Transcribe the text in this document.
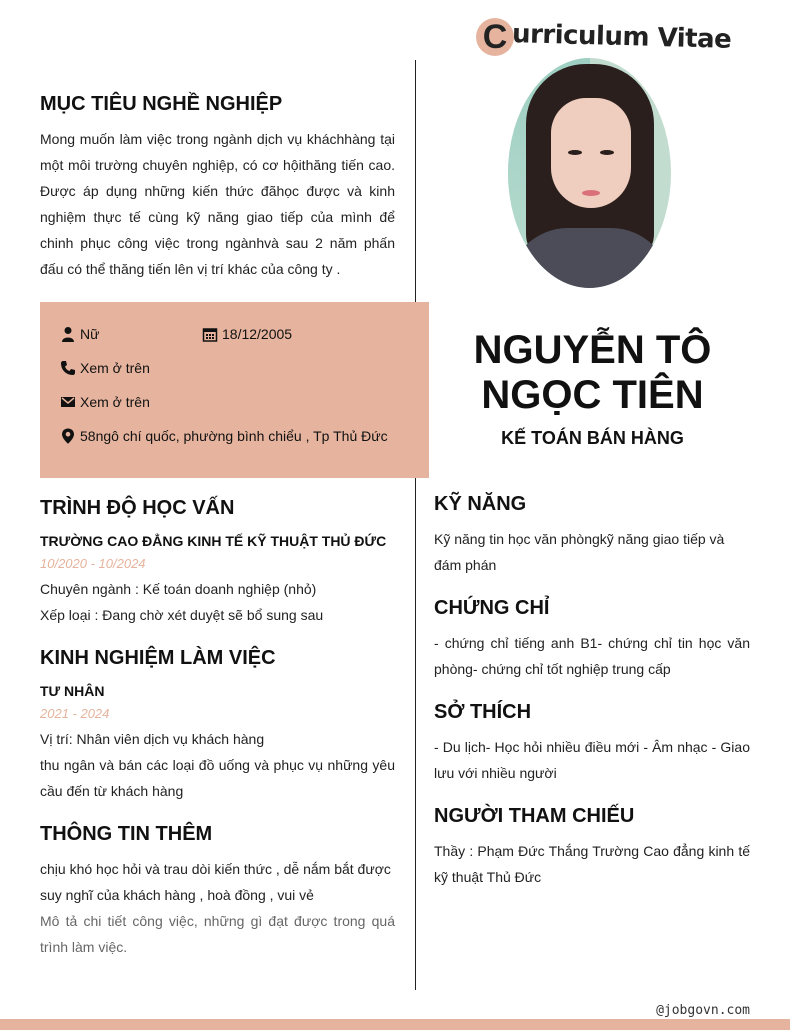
C urriculum Vitae
NGUYỄN TÔ NGỌC TIÊN
KẾ TOÁN BÁN HÀNG
MỤC TIÊU NGHỀ NGHIỆP
Mong muốn làm việc trong ngành dịch vụ kháchhàng tại một môi trường chuyên nghiệp, có cơ hộithăng tiến cao. Được áp dụng những kiến thức đãhọc được và kinh nghiệm thực tế cùng kỹ năng giao tiếp của mình để chinh phục công việc trong ngànhvà sau 2 năm phấn đấu có thể thăng tiến lên vị trí khác của công ty .
Nữ	18/12/2005
Xem ở trên
Xem ở trên
58ngô chí quốc, phường bình chiểu , Tp Thủ Đức
TRÌNH ĐỘ HỌC VẤN
TRƯỜNG CAO ĐẲNG KINH TẾ KỸ THUẬT THỦ ĐỨC
10/2020 - 10/2024
Chuyên ngành : Kế toán doanh nghiệp (nhỏ)
Xếp loại : Đang chờ xét duyệt sẽ bổ sung sau
KINH NGHIỆM LÀM VIỆC
TƯ NHÂN
2021 - 2024
Vị trí: Nhân viên dịch vụ khách hàng
thu ngân và bán các loại đồ uống và phục vụ những yêu cầu đến từ khách hàng
THÔNG TIN THÊM
chịu khó học hỏi và trau dòi kiến thức , dễ nắm bắt được suy nghĩ của khách hàng , hoà đồng , vui vẻ
Mô tả chi tiết công việc, những gì đạt được trong quá trình làm việc.
KỸ NĂNG
Kỹ năng tin học văn phòngkỹ năng giao tiếp và đám phán
CHỨNG CHỈ
- chứng chỉ tiếng anh B1- chứng chỉ tin học văn phòng- chứng chỉ tốt nghiệp trung cấp
SỞ THÍCH
- Du lịch- Học hỏi nhiều điều mới - Âm nhạc - Giao lưu với nhiều người
NGƯỜI THAM CHIẾU
Thầy : Phạm Đức Thắng Trường Cao đẳng kinh tế kỹ thuật Thủ Đức
@jobgovn.com
